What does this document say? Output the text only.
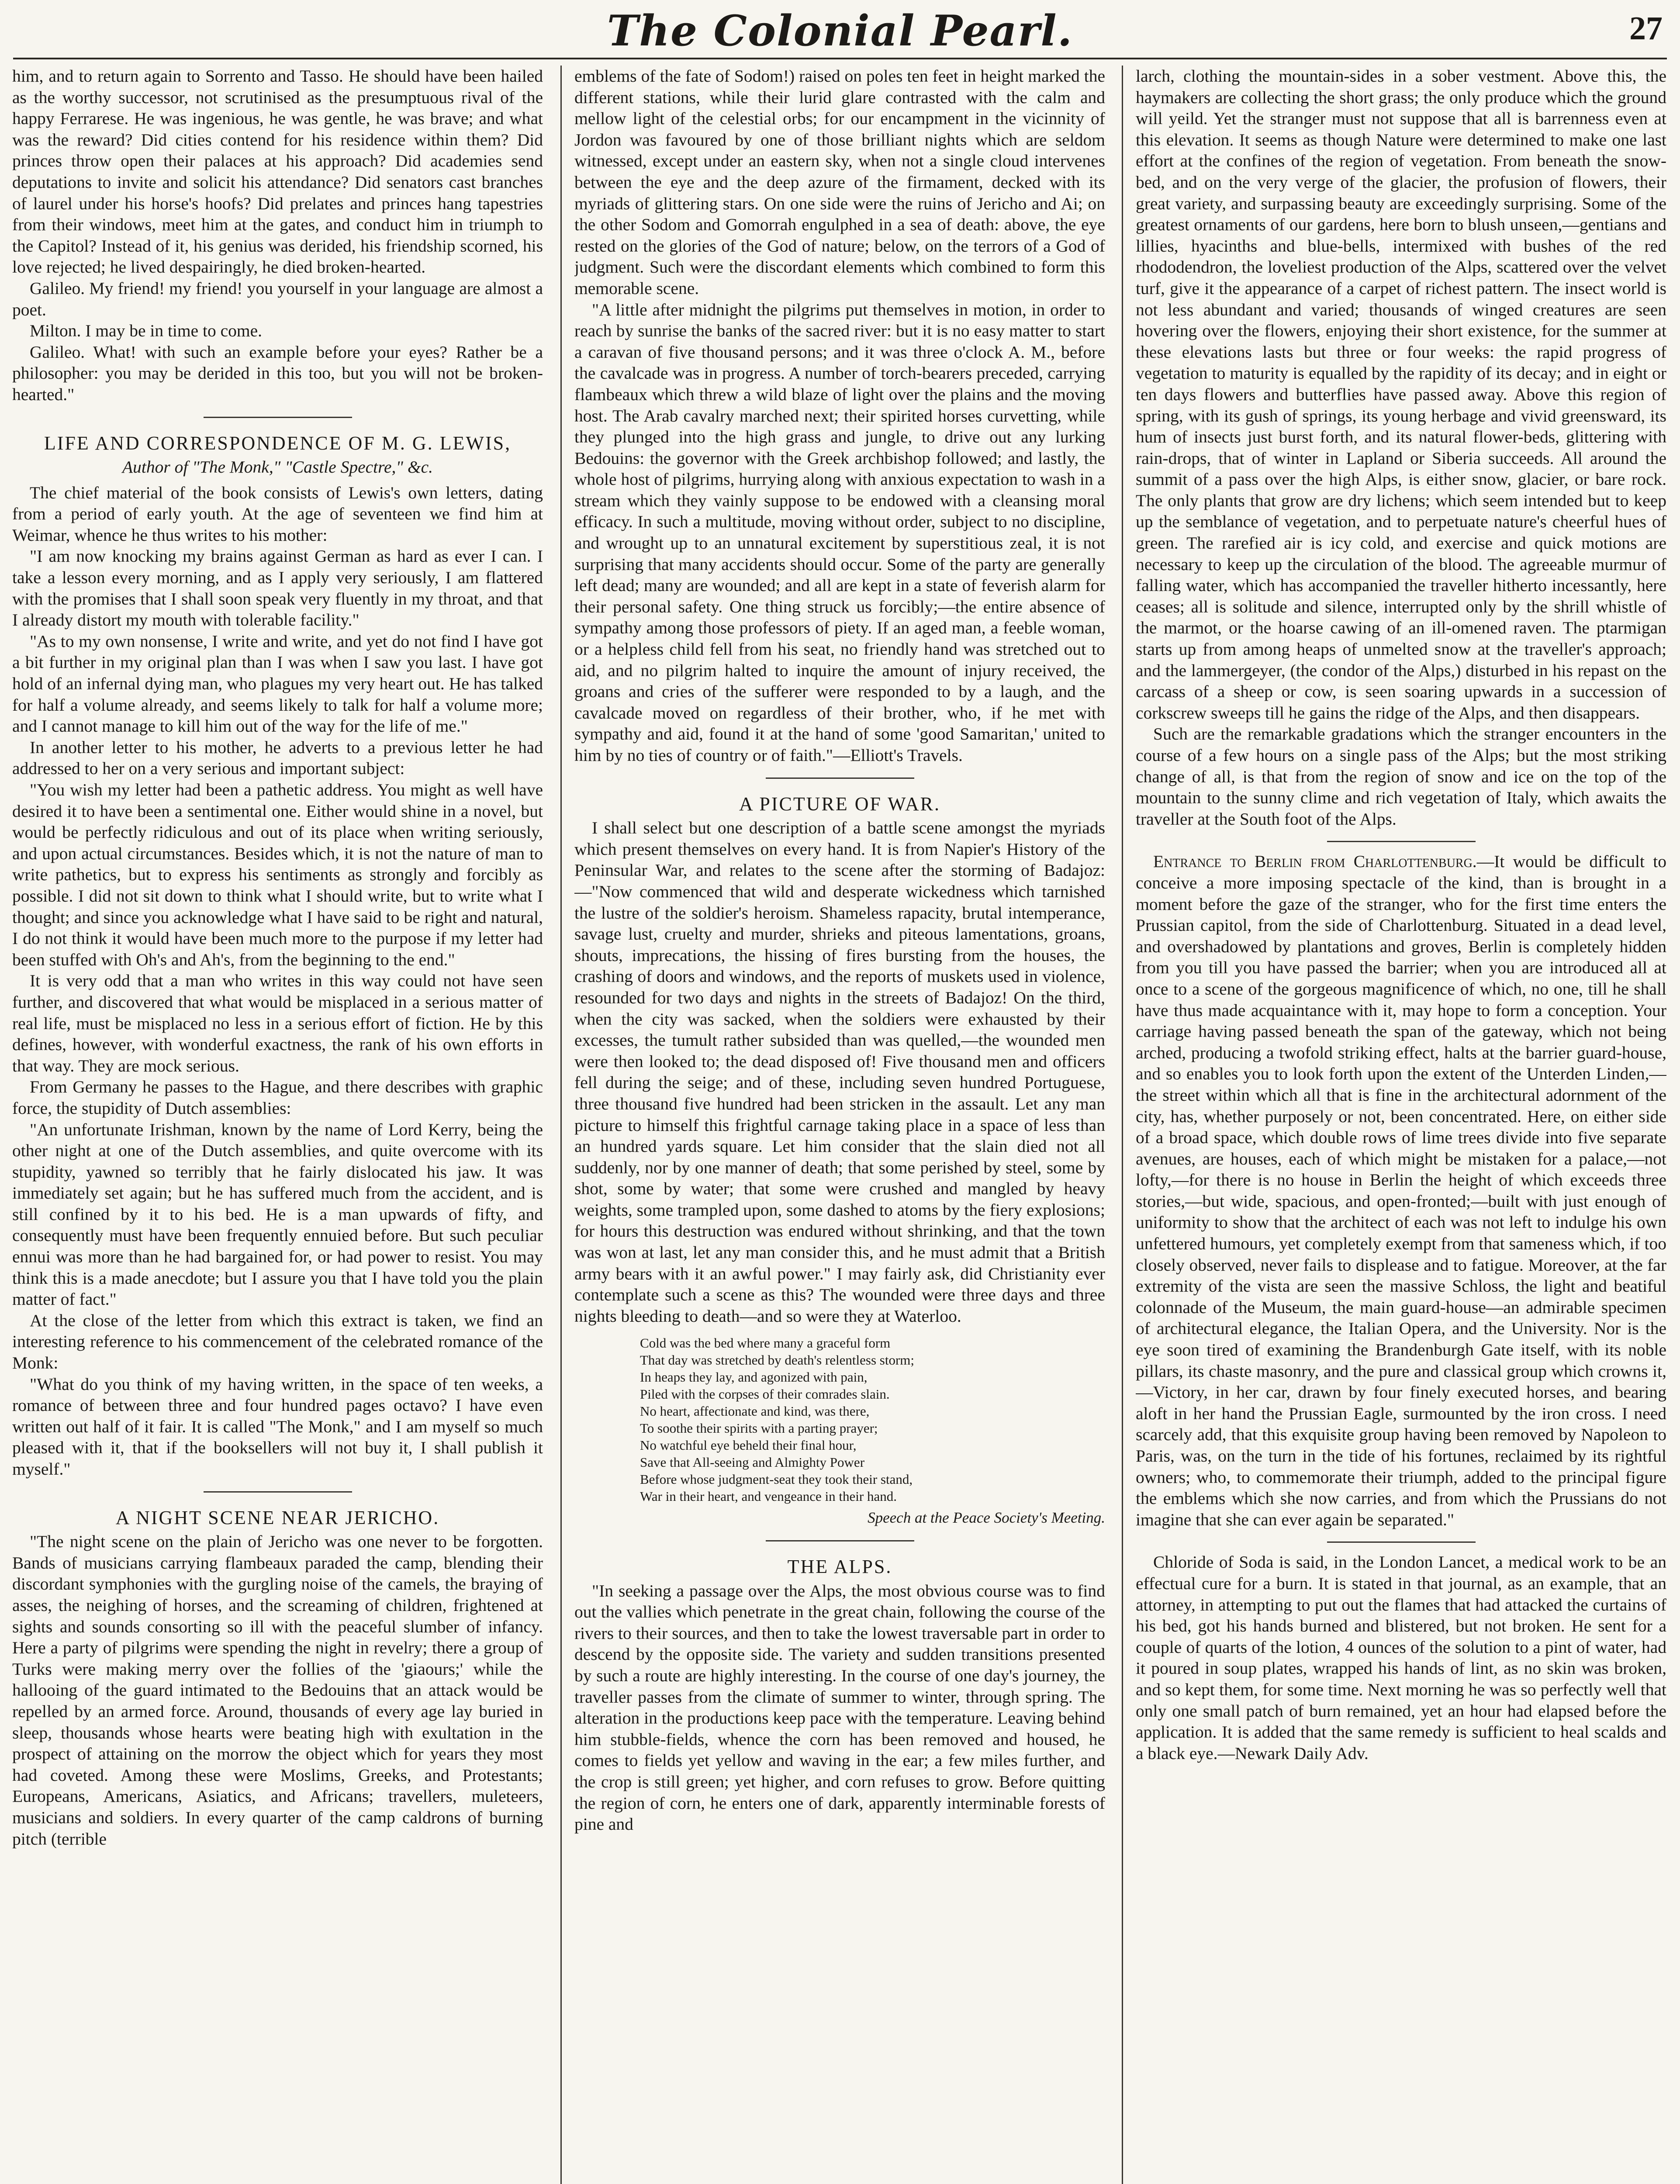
The Colonial Pearl.	27

him, and to return again to Sorrento and Tasso. He should have been hailed as the worthy successor, not scrutinised as the presumptuous rival of the happy Ferrarese. He was ingenious, he was gentle, he was brave; and what was the reward? Did cities contend for his residence within them? Did princes throw open their palaces at his approach? Did academies send deputations to invite and solicit his attendance? Did senators cast branches of laurel under his horse's hoofs? Did prelates and princes hang tapestries from their windows, meet him at the gates, and conduct him in triumph to the Capitol? Instead of it, his genius was derided, his friendship scorned, his love rejected; he lived despairingly, he died broken-hearted.

Galileo. My friend! my friend! you yourself in your language are almost a poet.

Milton. I may be in time to come.

Galileo. What! with such an example before your eyes? Rather be a philosopher: you may be derided in this too, but you will not be broken-hearted."

LIFE AND CORRESPONDENCE OF M. G. LEWIS,
Author of "The Monk," "Castle Spectre," &c.

The chief material of the book consists of Lewis's own letters, dating from a period of early youth. At the age of seventeen we find him at Weimar, whence he thus writes to his mother:

"I am now knocking my brains against German as hard as ever I can. I take a lesson every morning, and as I apply very seriously, I am flattered with the promises that I shall soon speak very fluently in my throat, and that I already distort my mouth with tolerable facility."

"As to my own nonsense, I write and write, and yet do not find I have got a bit further in my original plan than I was when I saw you last. I have got hold of an infernal dying man, who plagues my very heart out. He has talked for half a volume already, and seems likely to talk for half a volume more; and I cannot manage to kill him out of the way for the life of me."

In another letter to his mother, he adverts to a previous letter he had addressed to her on a very serious and important subject:

"You wish my letter had been a pathetic address. You might as well have desired it to have been a sentimental one. Either would shine in a novel, but would be perfectly ridiculous and out of its place when writing seriously, and upon actual circumstances. Besides which, it is not the nature of man to write pathetics, but to express his sentiments as strongly and forcibly as possible. I did not sit down to think what I should write, but to write what I thought; and since you acknowledge what I have said to be right and natural, I do not think it would have been much more to the purpose if my letter had been stuffed with Oh's and Ah's, from the beginning to the end."

It is very odd that a man who writes in this way could not have seen further, and discovered that what would be misplaced in a serious matter of real life, must be misplaced no less in a serious effort of fiction. He by this defines, however, with wonderful exactness, the rank of his own efforts in that way. They are mock serious.

From Germany he passes to the Hague, and there describes with graphic force, the stupidity of Dutch assemblies:

"An unfortunate Irishman, known by the name of Lord Kerry, being the other night at one of the Dutch assemblies, and quite overcome with its stupidity, yawned so terribly that he fairly dislocated his jaw. It was immediately set again; but he has suffered much from the accident, and is still confined by it to his bed. He is a man upwards of fifty, and consequently must have been frequently ennuied before. But such peculiar ennui was more than he had bargained for, or had power to resist. You may think this is a made anecdote; but I assure you that I have told you the plain matter of fact."

At the close of the letter from which this extract is taken, we find an interesting reference to his commencement of the celebrated romance of the Monk:

"What do you think of my having written, in the space of ten weeks, a romance of between three and four hundred pages octavo? I have even written out half of it fair. It is called "The Monk," and I am myself so much pleased with it, that if the booksellers will not buy it, I shall publish it myself."

A NIGHT SCENE NEAR JERICHO.

"The night scene on the plain of Jericho was one never to be forgotten. Bands of musicians carrying flambeaux paraded the camp, blending their discordant symphonies with the gurgling noise of the camels, the braying of asses, the neighing of horses, and the screaming of children, frightened at sights and sounds consorting so ill with the peaceful slumber of infancy. Here a party of pilgrims were spending the night in revelry; there a group of Turks were making merry over the follies of the 'giaours;' while the hallooing of the guard intimated to the Bedouins that an attack would be repelled by an armed force. Around, thousands of every age lay buried in sleep, thousands whose hearts were beating high with exultation in the prospect of attaining on the morrow the object which for years they most had coveted. Among these were Moslims, Greeks, and Protestants; Europeans, Americans, Asiatics, and Africans; travellers, muleteers, musicians and soldiers. In every quarter of the camp caldrons of burning pitch (terrible

emblems of the fate of Sodom!) raised on poles ten feet in height marked the different stations, while their lurid glare contrasted with the calm and mellow light of the celestial orbs; for our encampment in the vicinnity of Jordon was favoured by one of those brilliant nights which are seldom witnessed, except under an eastern sky, when not a single cloud intervenes between the eye and the deep azure of the firmament, decked with its myriads of glittering stars. On one side were the ruins of Jericho and Ai; on the other Sodom and Gomorrah engulphed in a sea of death: above, the eye rested on the glories of the God of nature; below, on the terrors of a God of judgment. Such were the discordant elements which combined to form this memorable scene.

"A little after midnight the pilgrims put themselves in motion, in order to reach by sunrise the banks of the sacred river: but it is no easy matter to start a caravan of five thousand persons; and it was three o'clock A. M., before the cavalcade was in progress. A number of torch-bearers preceded, carrying flambeaux which threw a wild blaze of light over the plains and the moving host. The Arab cavalry marched next; their spirited horses curvetting, while they plunged into the high grass and jungle, to drive out any lurking Bedouins: the governor with the Greek archbishop followed; and lastly, the whole host of pilgrims, hurrying along with anxious expectation to wash in a stream which they vainly suppose to be endowed with a cleansing moral efficacy. In such a multitude, moving without order, subject to no discipline, and wrought up to an unnatural excitement by superstitious zeal, it is not surprising that many accidents should occur. Some of the party are generally left dead; many are wounded; and all are kept in a state of feverish alarm for their personal safety. One thing struck us forcibly;—the entire absence of sympathy among those professors of piety. If an aged man, a feeble woman, or a helpless child fell from his seat, no friendly hand was stretched out to aid, and no pilgrim halted to inquire the amount of injury received, the groans and cries of the sufferer were responded to by a laugh, and the cavalcade moved on regardless of their brother, who, if he met with sympathy and aid, found it at the hand of some 'good Samaritan,' united to him by no ties of country or of faith."—Elliott's Travels.

A PICTURE OF WAR.

I shall select but one description of a battle scene amongst the myriads which present themselves on every hand. It is from Napier's History of the Peninsular War, and relates to the scene after the storming of Badajoz:—"Now commenced that wild and desperate wickedness which tarnished the lustre of the soldier's heroism. Shameless rapacity, brutal intemperance, savage lust, cruelty and murder, shrieks and piteous lamentations, groans, shouts, imprecations, the hissing of fires bursting from the houses, the crashing of doors and windows, and the reports of muskets used in violence, resounded for two days and nights in the streets of Badajoz! On the third, when the city was sacked, when the soldiers were exhausted by their excesses, the tumult rather subsided than was quelled,—the wounded men were then looked to; the dead disposed of! Five thousand men and officers fell during the seige; and of these, including seven hundred Portuguese, three thousand five hundred had been stricken in the assault. Let any man picture to himself this frightful carnage taking place in a space of less than an hundred yards square. Let him consider that the slain died not all suddenly, nor by one manner of death; that some perished by steel, some by shot, some by water; that some were crushed and mangled by heavy weights, some trampled upon, some dashed to atoms by the fiery explosions; for hours this destruction was endured without shrinking, and that the town was won at last, let any man consider this, and he must admit that a British army bears with it an awful power." I may fairly ask, did Christianity ever contemplate such a scene as this? The wounded were three days and three nights bleeding to death—and so were they at Waterloo.

Cold was the bed where many a graceful form
That day was stretched by death's relentless storm;
In heaps they lay, and agonized with pain,
Piled with the corpses of their comrades slain.
No heart, affectionate and kind, was there,
To soothe their spirits with a parting prayer;
No watchful eye beheld their final hour,
Save that All-seeing and Almighty Power
Before whose judgment-seat they took their stand,
War in their heart, and vengeance in their hand.
Speech at the Peace Society's Meeting.
THE ALPS.

"In seeking a passage over the Alps, the most obvious course was to find out the vallies which penetrate in the great chain, following the course of the rivers to their sources, and then to take the lowest traversable part in order to descend by the opposite side. The variety and sudden transitions presented by such a route are highly interesting. In the course of one day's journey, the traveller passes from the climate of summer to winter, through spring. The alteration in the productions keep pace with the temperature. Leaving behind him stubble-fields, whence the corn has been removed and housed, he comes to fields yet yellow and waving in the ear; a few miles further, and the crop is still green; yet higher, and corn refuses to grow. Before quitting the region of corn, he enters one of dark, apparently interminable forests of pine and

larch, clothing the mountain-sides in a sober vestment. Above this, the haymakers are collecting the short grass; the only produce which the ground will yeild. Yet the stranger must not suppose that all is barrenness even at this elevation. It seems as though Nature were determined to make one last effort at the confines of the region of vegetation. From beneath the snow-bed, and on the very verge of the glacier, the profusion of flowers, their great variety, and surpassing beauty are exceedingly surprising. Some of the greatest ornaments of our gardens, here born to blush unseen,—gentians and lillies, hyacinths and blue-bells, intermixed with bushes of the red rhododendron, the loveliest production of the Alps, scattered over the velvet turf, give it the appearance of a carpet of richest pattern. The insect world is not less abundant and varied; thousands of winged creatures are seen hovering over the flowers, enjoying their short existence, for the summer at these elevations lasts but three or four weeks: the rapid progress of vegetation to maturity is equalled by the rapidity of its decay; and in eight or ten days flowers and butterflies have passed away. Above this region of spring, with its gush of springs, its young herbage and vivid greensward, its hum of insects just burst forth, and its natural flower-beds, glittering with rain-drops, that of winter in Lapland or Siberia succeeds. All around the summit of a pass over the high Alps, is either snow, glacier, or bare rock. The only plants that grow are dry lichens; which seem intended but to keep up the semblance of vegetation, and to perpetuate nature's cheerful hues of green. The rarefied air is icy cold, and exercise and quick motions are necessary to keep up the circulation of the blood. The agreeable murmur of falling water, which has accompanied the traveller hitherto incessantly, here ceases; all is solitude and silence, interrupted only by the shrill whistle of the marmot, or the hoarse cawing of an ill-omened raven. The ptarmigan starts up from among heaps of unmelted snow at the traveller's approach; and the lammergeyer, (the condor of the Alps,) disturbed in his repast on the carcass of a sheep or cow, is seen soaring upwards in a succession of corkscrew sweeps till he gains the ridge of the Alps, and then disappears.

Such are the remarkable gradations which the stranger encounters in the course of a few hours on a single pass of the Alps; but the most striking change of all, is that from the region of snow and ice on the top of the mountain to the sunny clime and rich vegetation of Italy, which awaits the traveller at the South foot of the Alps.

Entrance to Berlin from Charlottenburg.—It would be difficult to conceive a more imposing spectacle of the kind, than is brought in a moment before the gaze of the stranger, who for the first time enters the Prussian capitol, from the side of Charlottenburg. Situated in a dead level, and overshadowed by plantations and groves, Berlin is completely hidden from you till you have passed the barrier; when you are introduced all at once to a scene of the gorgeous magnificence of which, no one, till he shall have thus made acquaintance with it, may hope to form a conception. Your carriage having passed beneath the span of the gateway, which not being arched, producing a twofold striking effect, halts at the barrier guard-house, and so enables you to look forth upon the extent of the Unterden Linden,—the street within which all that is fine in the architectural adornment of the city, has, whether purposely or not, been concentrated. Here, on either side of a broad space, which double rows of lime trees divide into five separate avenues, are houses, each of which might be mistaken for a palace,—not lofty,—for there is no house in Berlin the height of which exceeds three stories,—but wide, spacious, and open-fronted;—built with just enough of uniformity to show that the architect of each was not left to indulge his own unfettered humours, yet completely exempt from that sameness which, if too closely observed, never fails to displease and to fatigue. Moreover, at the far extremity of the vista are seen the massive Schloss, the light and beatiful colonnade of the Museum, the main guard-house—an admirable specimen of architectural elegance, the Italian Opera, and the University. Nor is the eye soon tired of examining the Brandenburgh Gate itself, with its noble pillars, its chaste masonry, and the pure and classical group which crowns it,—Victory, in her car, drawn by four finely executed horses, and bearing aloft in her hand the Prussian Eagle, surmounted by the iron cross. I need scarcely add, that this exquisite group having been removed by Napoleon to Paris, was, on the turn in the tide of his fortunes, reclaimed by its rightful owners; who, to commemorate their triumph, added to the principal figure the emblems which she now carries, and from which the Prussians do not imagine that she can ever again be separated."

Chloride of Soda is said, in the London Lancet, a medical work to be an effectual cure for a burn. It is stated in that journal, as an example, that an attorney, in attempting to put out the flames that had attacked the curtains of his bed, got his hands burned and blistered, but not broken. He sent for a couple of quarts of the lotion, 4 ounces of the solution to a pint of water, had it poured in soup plates, wrapped his hands of lint, as no skin was broken, and so kept them, for some time. Next morning he was so perfectly well that only one small patch of burn remained, yet an hour had elapsed before the application. It is added that the same remedy is sufficient to heal scalds and a black eye.—Newark Daily Adv.
